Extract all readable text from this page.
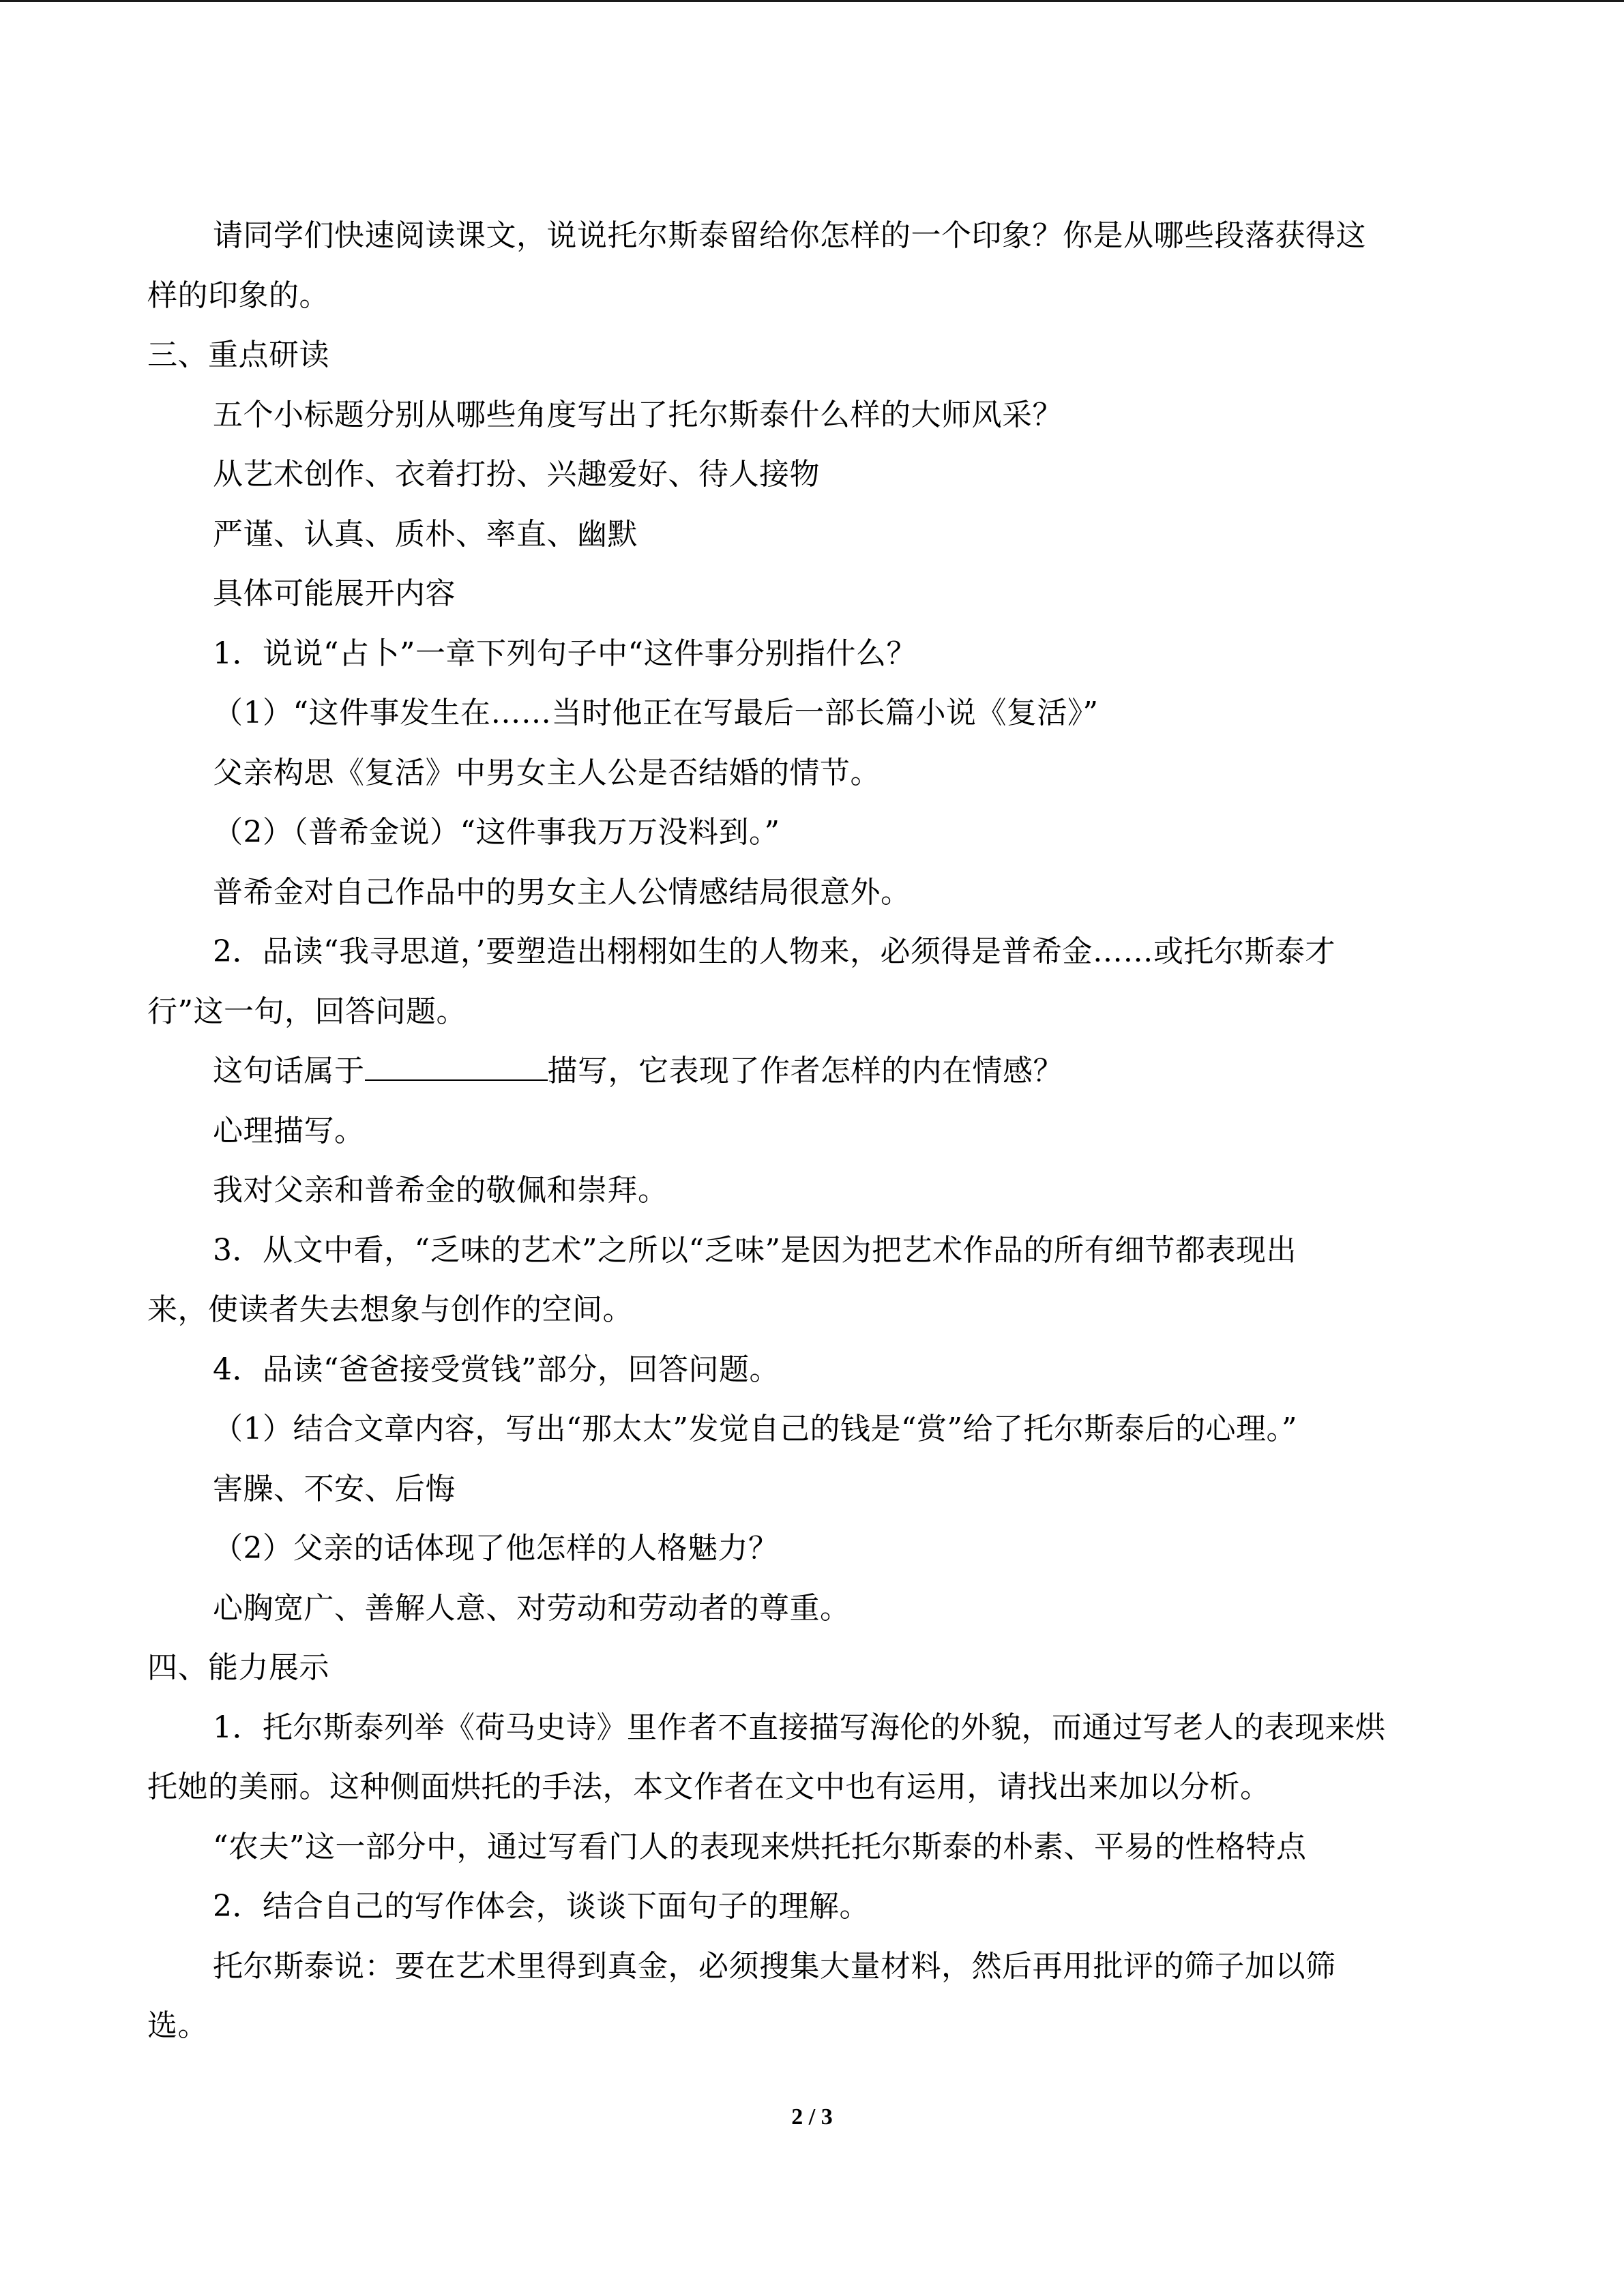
请同学们快速阅读课文，说说托尔斯泰留给你怎样的一个印象？你是从哪些段落获得这
样的印象的。
三、重点研读
五个小标题分别从哪些角度写出了托尔斯泰什么样的大师风采？
从艺术创作、衣着打扮、兴趣爱好、待人接物
严谨、认真、质朴、率直、幽默
具体可能展开内容
1．说说“占卜”一章下列句子中“这件事分别指什么？
（1）“这件事发生在……当时他正在写最后一部长篇小说《复活》”
父亲构思《复活》中男女主人公是否结婚的情节。
（2）（普希金说）“这件事我万万没料到。”
普希金对自己作品中的男女主人公情感结局很意外。
2．品读“我寻思道，’要塑造出栩栩如生的人物来，必须得是普希金……或托尔斯泰才
行”这一句，回答问题。
这句话属于	描写，它表现了作者怎样的内在情感？
心理描写。
我对父亲和普希金的敬佩和崇拜。
3．从文中看，“乏味的艺术”之所以“乏味”是因为把艺术作品的所有细节都表现出
来，使读者失去想象与创作的空间。
4．品读“爸爸接受赏钱”部分，回答问题。
（1）结合文章内容，写出“那太太”发觉自己的钱是“赏”给了托尔斯泰后的心理。”
害臊、不安、后悔
（2）父亲的话体现了他怎样的人格魅力？
心胸宽广、善解人意、对劳动和劳动者的尊重。
四、能力展示
1．托尔斯泰列举《荷马史诗》里作者不直接描写海伦的外貌，而通过写老人的表现来烘
托她的美丽。这种侧面烘托的手法，本文作者在文中也有运用，请找出来加以分析。
“农夫”这一部分中，通过写看门人的表现来烘托托尔斯泰的朴素、平易的性格特点
2．结合自己的写作体会，谈谈下面句子的理解。
托尔斯泰说：要在艺术里得到真金，必须搜集大量材料，然后再用批评的筛子加以筛
选。
2 / 3
